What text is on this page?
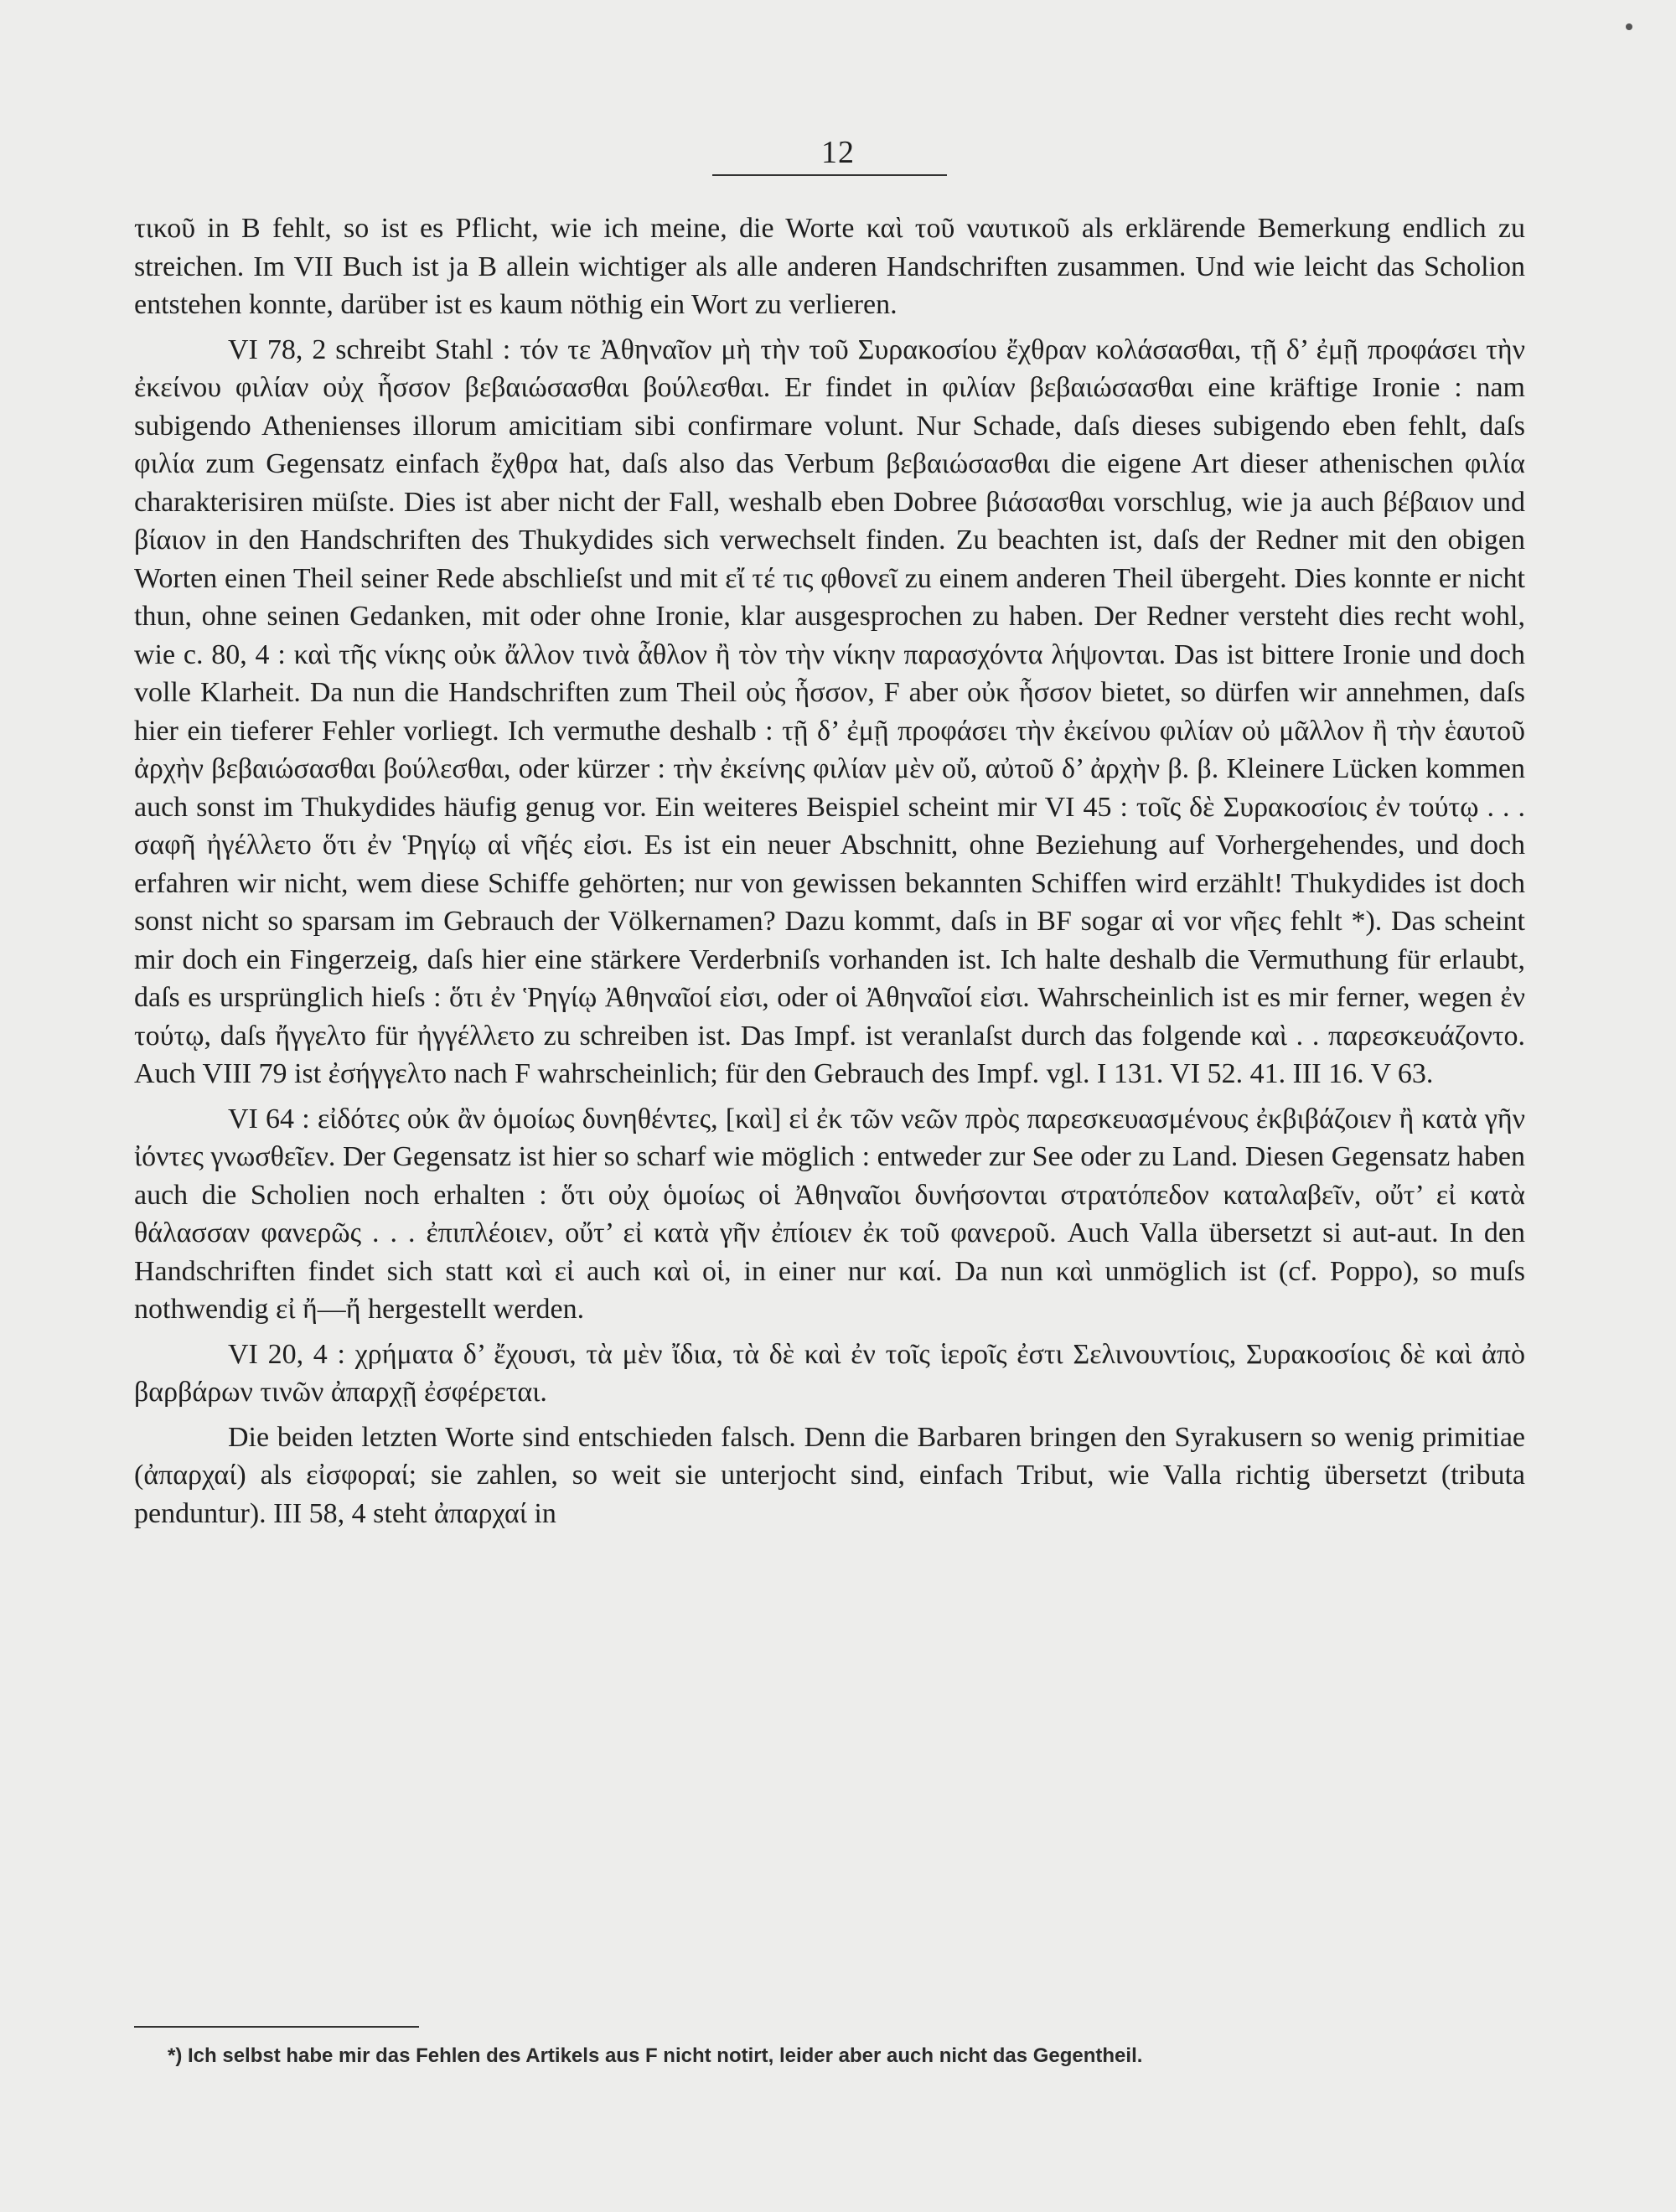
12

τικοῦ in B fehlt, so ist es Pflicht, wie ich meine, die Worte καὶ τοῦ ναυτικοῦ als erklärende Bemerkung endlich zu streichen. Im VII Buch ist ja B allein wichtiger als alle anderen Handschriften zusammen. Und wie leicht das Scholion entstehen konnte, darüber ist es kaum nöthig ein Wort zu verlieren.

VI 78, 2 schreibt Stahl : τόν τε Ἀθηναῖον μὴ τὴν τοῦ Συρακοσίου ἔχθραν κολάσασθαι, τῇ δ’ ἐμῇ προφάσει τὴν ἐκείνου φιλίαν οὐχ ἧσσον βεβαιώσασθαι βούλεσθαι. Er findet in φιλίαν βεβαιώσασθαι eine kräftige Ironie : nam subigendo Athenienses illorum amicitiam sibi confirmare volunt. Nur Schade, daſs dieses subigendo eben fehlt, daſs φιλία zum Gegensatz einfach ἔχθρα hat, daſs also das Verbum βεβαιώσασθαι die eigene Art dieser athenischen φιλία charakterisiren müſste. Dies ist aber nicht der Fall, weshalb eben Dobree βιάσασθαι vorschlug, wie ja auch βέβαιον und βίαιον in den Handschriften des Thukydides sich verwechselt finden. Zu beachten ist, daſs der Redner mit den obigen Worten einen Theil seiner Rede abschlieſst und mit εἴ τέ τις φθονεῖ zu einem anderen Theil übergeht. Dies konnte er nicht thun, ohne seinen Gedanken, mit oder ohne Ironie, klar ausgesprochen zu haben. Der Redner versteht dies recht wohl, wie c. 80, 4 : καὶ τῆς νίκης οὐκ ἄλλον τινὰ ἆθλον ἢ τὸν τὴν νίκην παρασχόντα λήψονται. Das ist bittere Ironie und doch volle Klarheit. Da nun die Handschriften zum Theil οὐς ἧσσον, F aber οὐκ ἧσσον bietet, so dürfen wir annehmen, daſs hier ein tieferer Fehler vorliegt. Ich vermuthe deshalb : τῇ δ’ ἐμῇ προφάσει τὴν ἐκείνου φιλίαν οὐ μᾶλλον ἢ τὴν ἑαυτοῦ ἀρχὴν βεβαιώσασθαι βούλεσθαι, oder kürzer : τὴν ἐκείνης φιλίαν μὲν οὔ, αὐτοῦ δ’ ἀρχὴν β. β. Kleinere Lücken kommen auch sonst im Thukydides häufig genug vor. Ein weiteres Beispiel scheint mir VI 45 : τοῖς δὲ Συρακοσίοις ἐν τούτῳ . . . σαφῆ ἠγέλλετο ὅτι ἐν Ῥηγίῳ αἱ νῆές εἰσι. Es ist ein neuer Abschnitt, ohne Beziehung auf Vorhergehendes, und doch erfahren wir nicht, wem diese Schiffe gehörten; nur von gewissen bekannten Schiffen wird erzählt! Thukydides ist doch sonst nicht so sparsam im Gebrauch der Völkernamen? Dazu kommt, daſs in BF sogar αἱ vor νῆες fehlt *). Das scheint mir doch ein Fingerzeig, daſs hier eine stärkere Verderbniſs vorhanden ist. Ich halte deshalb die Vermuthung für erlaubt, daſs es ursprünglich hieſs : ὅτι ἐν Ῥηγίῳ Ἀθηναῖοί εἰσι, oder οἱ Ἀθηναῖοί εἰσι. Wahrscheinlich ist es mir ferner, wegen ἐν τούτῳ, daſs ἤγγελτο für ἠγγέλλετο zu schreiben ist. Das Impf. ist veranlaſst durch das folgende καὶ . . παρεσκευάζοντο. Auch VIII 79 ist ἐσήγγελτο nach F wahrscheinlich; für den Gebrauch des Impf. vgl. I 131. VI 52. 41. III 16. V 63.

VI 64 : εἰδότες οὐκ ἂν ὁμοίως δυνηθέντες, [καὶ] εἰ ἐκ τῶν νεῶν πρὸς παρεσκευασμένους ἐκβιβάζοιεν ἢ κατὰ γῆν ἰόντες γνωσθεῖεν. Der Gegensatz ist hier so scharf wie möglich : entweder zur See oder zu Land. Diesen Gegensatz haben auch die Scholien noch erhalten : ὅτι οὐχ ὁμοίως οἱ Ἀθηναῖοι δυνήσονται στρατόπεδον καταλαβεῖν, οὔτ’ εἰ κατὰ θάλασσαν φανερῶς . . . ἐπιπλέοιεν, οὔτ’ εἰ κατὰ γῆν ἐπίοιεν ἐκ τοῦ φανεροῦ. Auch Valla übersetzt si aut-aut. In den Handschriften findet sich statt καὶ εἰ auch καὶ οἱ, in einer nur καί. Da nun καὶ unmöglich ist (cf. Poppo), so muſs nothwendig εἰ ἤ—ἤ hergestellt werden.

VI 20, 4 : χρήματα δ’ ἔχουσι, τὰ μὲν ἴδια, τὰ δὲ καὶ ἐν τοῖς ἱεροῖς ἐστι Σελινουντίοις, Συρακοσίοις δὲ καὶ ἀπὸ βαρβάρων τινῶν ἀπαρχῇ ἐσφέρεται.

Die beiden letzten Worte sind entschieden falsch. Denn die Barbaren bringen den Syrakusern so wenig primitiae (ἀπαρχαί) als εἰσφοραί; sie zahlen, so weit sie unterjocht sind, einfach Tribut, wie Valla richtig übersetzt (tributa penduntur). III 58, 4 steht ἀπαρχαί in

*) Ich selbst habe mir das Fehlen des Artikels aus F nicht notirt, leider aber auch nicht das Gegentheil.
